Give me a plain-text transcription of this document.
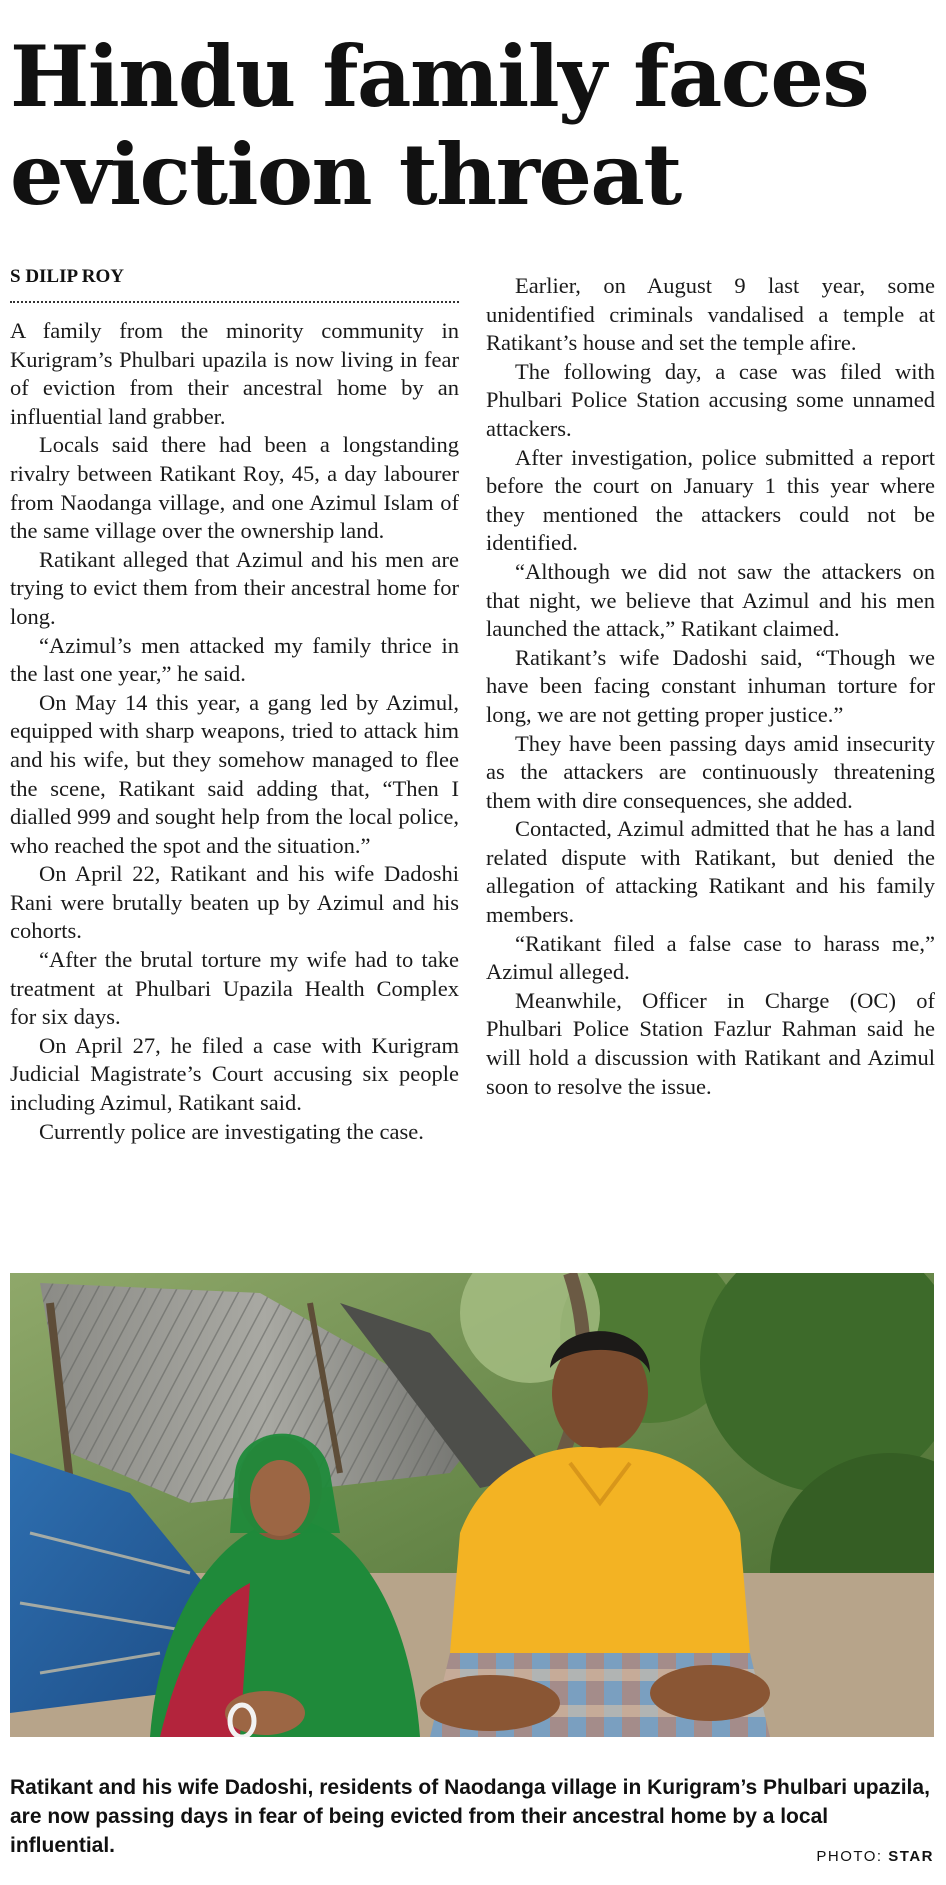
Hindu family faces eviction threat
S DILIP ROY

A family from the minority community in Kurigram’s Phulbari upazila is now living in fear of eviction from their ancestral home by an influential land grabber.

Locals said there had been a longstanding rivalry between Ratikant Roy, 45, a day labourer from Naodanga village, and one Azimul Islam of the same village over the ownership land.

Ratikant alleged that Azimul and his men are trying to evict them from their ancestral home for long.

“Azimul’s men attacked my family thrice in the last one year,” he said.

On May 14 this year, a gang led by Azimul, equipped with sharp weapons, tried to attack him and his wife, but they somehow managed to flee the scene, Ratikant said adding that, “Then I dialled 999 and sought help from the local police, who reached the spot and the situation.”

On April 22, Ratikant and his wife Dadoshi Rani were brutally beaten up by Azimul and his cohorts.

“After the brutal torture my wife had to take treatment at Phulbari Upazila Health Complex for six days.

On April 27, he filed a case with Kurigram Judicial Magistrate’s Court accusing six people including Azimul, Ratikant said.

Currently police are investigating the case.

Earlier, on August 9 last year, some unidentified criminals vandalised a temple at Ratikant’s house and set the temple afire.

The following day, a case was filed with Phulbari Police Station accusing some unnamed attackers.

After investigation, police submitted a report before the court on January 1 this year where they mentioned the attackers could not be identified.

“Although we did not saw the attackers on that night, we believe that Azimul and his men launched the attack,” Ratikant claimed.

Ratikant’s wife Dadoshi said, “Though we have been facing constant inhuman torture for long, we are not getting proper justice.”

They have been passing days amid insecurity as the attackers are continuously threatening them with dire consequences, she added.

Contacted, Azimul admitted that he has a land related dispute with Ratikant, but denied the allegation of attacking Ratikant and his family members.

“Ratikant filed a false case to harass me,” Azimul alleged.

Meanwhile, Officer in Charge (OC) of Phulbari Police Station Fazlur Rahman said he will hold a discussion with Ratikant and Azimul soon to resolve the issue.

Ratikant and his wife Dadoshi, residents of Naodanga village in Kurigram’s Phulbari upazila, are now passing days in fear of being evicted from their ancestral home by a local influential.	PHOTO: STAR
